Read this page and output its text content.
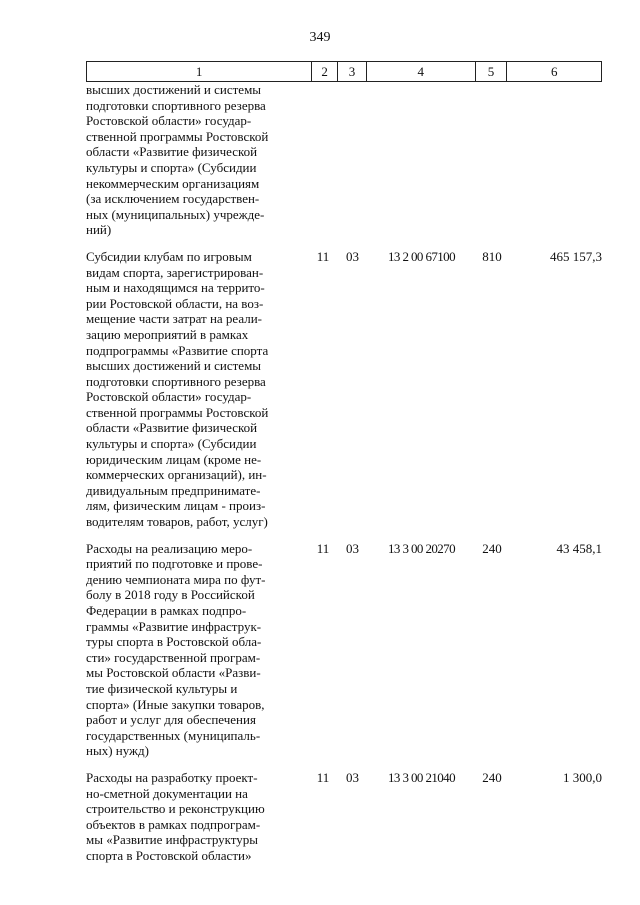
349
1	2	3	4	5	6
высших достижений и системы
подготовки спортивного резерва
Ростовской области» государ-
ственной программы Ростовской
области «Развитие физической
культуры и спорта» (Субсидии
некоммерческим организациям
(за исключением государствен-
ных (муниципальных) учрежде-
ний)
Субсидии клубам по игровым
видам спорта, зарегистрирован-
ным и находящимся на террито-
рии Ростовской области, на воз-
мещение части затрат на реали-
зацию мероприятий в рамках
подпрограммы «Развитие спорта
высших достижений и системы
подготовки спортивного резерва
Ростовской области» государ-
ственной программы Ростовской
области «Развитие физической
культуры и спорта» (Субсидии
юридическим лицам (кроме не-
коммерческих организаций), ин-
дивидуальным предпринимате-
лям, физическим лицам - произ-
водителям товаров, работ, услуг)
11	03	13 2 00 67100	810	465 157,3
Расходы на реализацию меро-
приятий по подготовке и прове-
дению чемпионата мира по фут-
болу в 2018 году в Российской
Федерации в рамках подпро-
граммы «Развитие инфраструк-
туры спорта в Ростовской обла-
сти» государственной програм-
мы Ростовской области «Разви-
тие физической культуры и
спорта» (Иные закупки товаров,
работ и услуг для обеспечения
государственных (муниципаль-
ных) нужд)
11	03	13 3 00 20270	240	43 458,1
Расходы на разработку проект-
но-сметной документации на
строительство и реконструкцию
объектов в рамках подпрограм-
мы «Развитие инфраструктуры
спорта в Ростовской области»
11	03	13 3 00 21040	240	1 300,0
